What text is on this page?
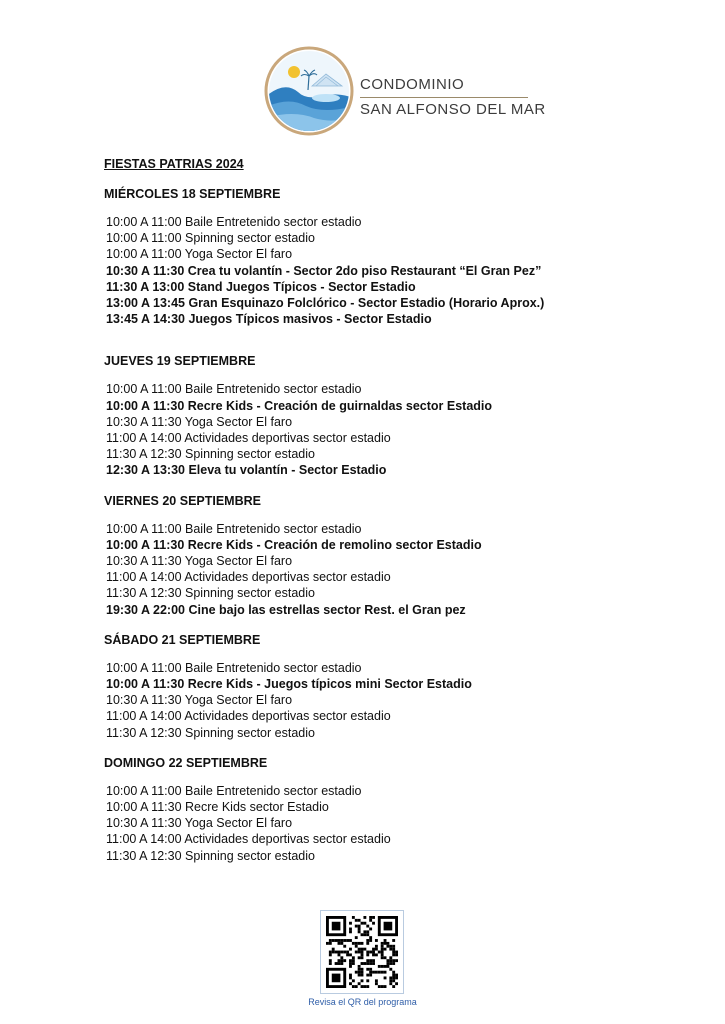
CONDOMINIO
SAN ALFONSO DEL MAR
FIESTAS PATRIAS 2024
MIÉRCOLES 18 SEPTIEMBRE
10:00 A 11:00 Baile Entretenido sector estadio
10:00 A 11:00 Spinning sector estadio
10:00 A 11:00 Yoga Sector El faro
10:30 A 11:30 Crea tu volantín - Sector 2do piso Restaurant “El Gran Pez”
11:30 A 13:00 Stand Juegos Típicos - Sector Estadio
13:00 A 13:45 Gran Esquinazo Folclórico - Sector Estadio (Horario Aprox.)
13:45 A 14:30 Juegos Típicos masivos - Sector Estadio
JUEVES 19 SEPTIEMBRE
10:00 A 11:00 Baile Entretenido sector estadio
10:00 A 11:30 Recre Kids - Creación de guirnaldas sector Estadio
10:30 A 11:30 Yoga Sector El faro
11:00 A 14:00 Actividades deportivas sector estadio
11:30 A 12:30 Spinning sector estadio
12:30 A 13:30 Eleva tu volantín - Sector Estadio
VIERNES 20 SEPTIEMBRE
10:00 A 11:00 Baile Entretenido sector estadio
10:00 A 11:30 Recre Kids - Creación de remolino sector Estadio
10:30 A 11:30 Yoga Sector El faro
11:00 A 14:00 Actividades deportivas sector estadio
11:30 A 12:30 Spinning sector estadio
19:30 A 22:00 Cine bajo las estrellas sector Rest. el Gran pez
SÁBADO 21 SEPTIEMBRE
10:00 A 11:00 Baile Entretenido sector estadio
10:00 A 11:30 Recre Kids - Juegos típicos mini Sector Estadio
10:30 A 11:30 Yoga Sector El faro
11:00 A 14:00 Actividades deportivas sector estadio
11:30 A 12:30 Spinning sector estadio
DOMINGO 22 SEPTIEMBRE
10:00 A 11:00 Baile Entretenido sector estadio
10:00 A 11:30 Recre Kids sector Estadio
10:30 A 11:30 Yoga Sector El faro
11:00 A 14:00 Actividades deportivas sector estadio
11:30 A 12:30 Spinning sector estadio
Revisa el QR del programa
